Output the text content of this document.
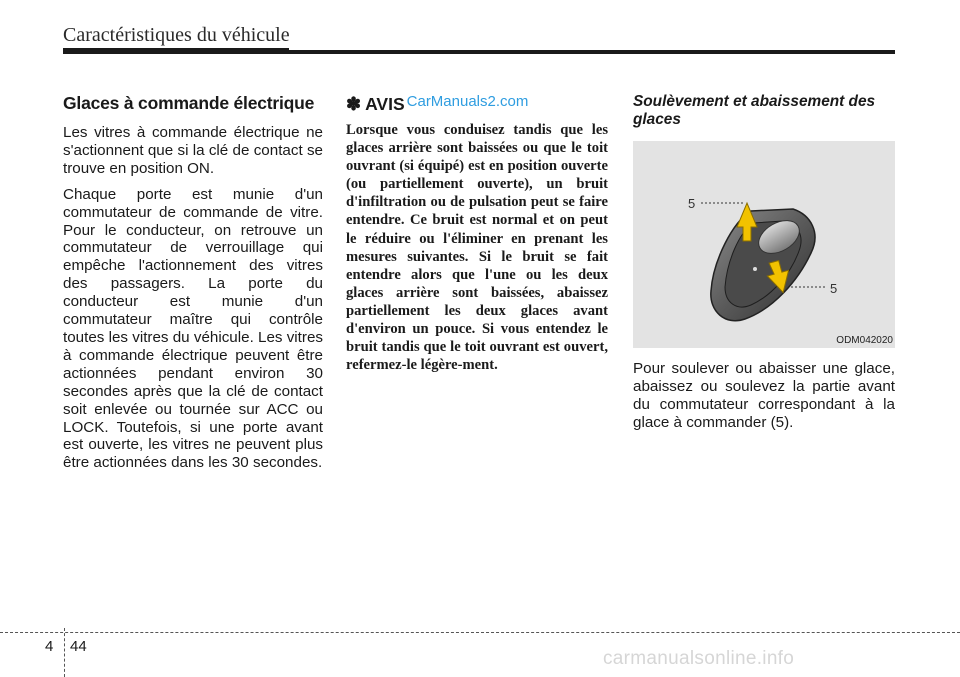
Caractéristiques du véhicule
Glaces à commande électrique

Les vitres à commande électrique ne s'actionnent que si la clé de contact se trouve en position ON.

Chaque porte est munie d'un commutateur de commande de vitre. Pour le conducteur, on retrouve un commutateur de verrouillage qui empêche l'actionnement des vitres des passagers. La porte du conducteur est munie d'un commutateur maître qui contrôle toutes les vitres du véhicule. Les vitres à commande électrique peuvent être actionnées pendant environ 30 secondes après que la clé de contact soit enlevée ou tournée sur ACC ou LOCK. Toutefois, si une porte avant est ouverte, les vitres ne peuvent plus être actionnées dans les 30 secondes.

✽ AVIS CarManuals2.com

Lorsque vous conduisez tandis que les glaces arrière sont baissées ou que le toit ouvrant (si équipé) est en position ouverte (ou partiellement ouverte), un bruit d'infiltration ou de pulsation peut se faire entendre. Ce bruit est normal et on peut le réduire ou l'éliminer en prenant les mesures suivantes. Si le bruit se fait entendre alors que l'une ou les deux glaces arrière sont baissées, abaissez partiellement les deux glaces avant d'environ un pouce. Si vous entendez le bruit tandis que le toit ouvrant est ouvert, refermez-le légère-ment.

Soulèvement et abaissement des glaces
5
5
ODM042020

Pour soulever ou abaisser une glace, abaissez ou soulevez la partie avant du commutateur correspondant à la glace à commander (5).

4 44
carmanualsonline.info
